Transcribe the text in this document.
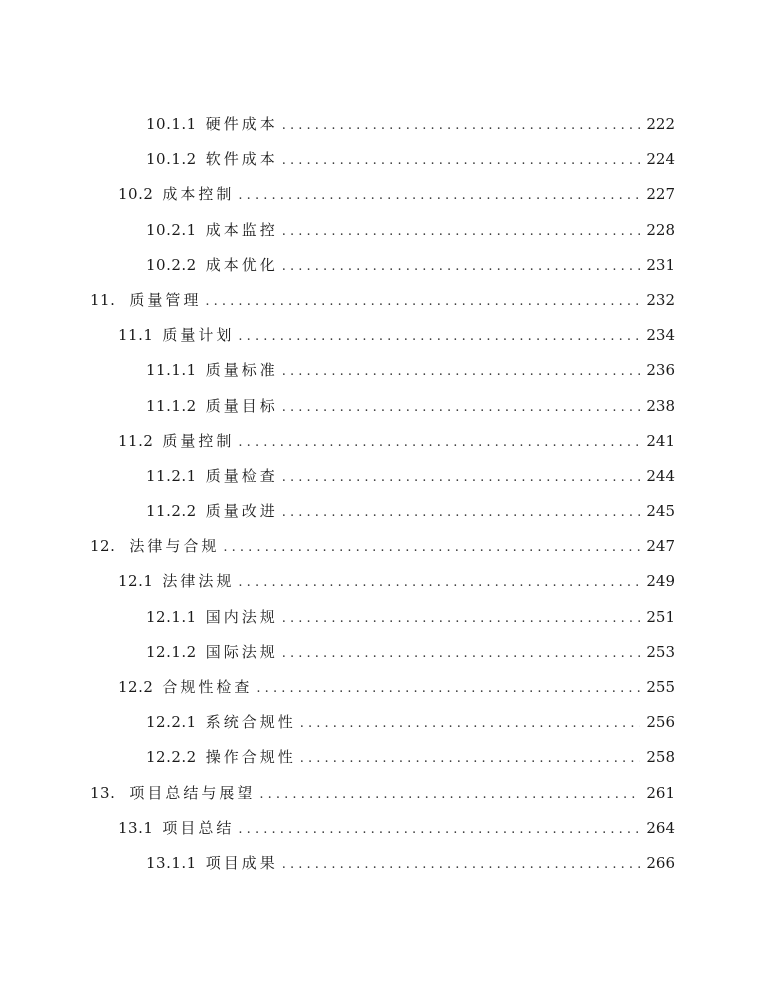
10.1.1 硬件成本 . . .	222
10.1.2 软件成本 . . .	224
10.2 成本控制 . . .	227
10.2.1 成本监控 . . .	228
10.2.2 成本优化 . . .	231
11. 质量管理 . . .	232
11.1 质量计划 . . .	234
11.1.1 质量标准 . . .	236
11.1.2 质量目标 . . .	238
11.2 质量控制 . . .	241
11.2.1 质量检查 . . .	244
11.2.2 质量改进 . . .	245
12. 法律与合规 . . .	247
12.1 法律法规 . . .	249
12.1.1 国内法规 . . .	251
12.1.2 国际法规 . . .	253
12.2 合规性检查 . . .	255
12.2.1 系统合规性 . . .	256
12.2.2 操作合规性 . . .	258
13. 项目总结与展望 . . .	261
13.1 项目总结 . . .	264
13.1.1 项目成果 . . .	266
